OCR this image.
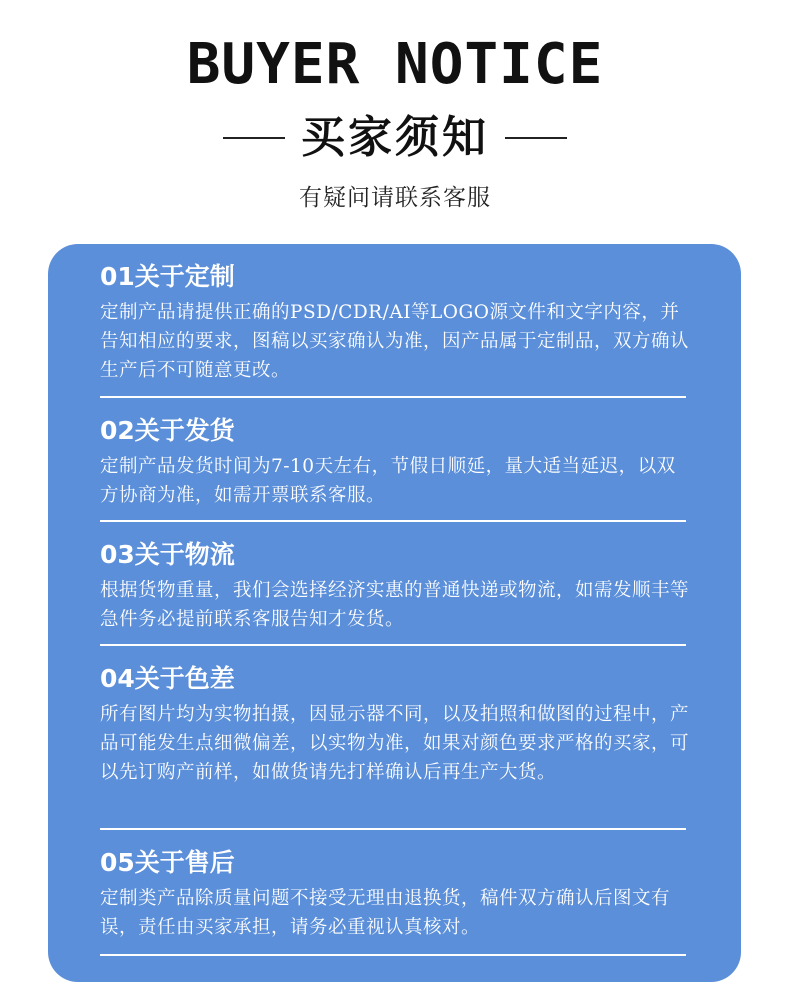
BUYER NOTICE
买家须知
有疑问请联系客服
01关于定制
定制产品请提供正确的PSD/CDR/AI等LOGO源文件和文字内容，并告知相应的要求，图稿以买家确认为准，因产品属于定制品，双方确认生产后不可随意更改。
02关于发货
定制产品发货时间为7-10天左右，节假日顺延，量大适当延迟，以双方协商为准，如需开票联系客服。
03关于物流
根据货物重量，我们会选择经济实惠的普通快递或物流，如需发顺丰等急件务必提前联系客服告知才发货。
04关于色差
所有图片均为实物拍摄，因显示器不同，以及拍照和做图的过程中，产品可能发生点细微偏差，以实物为准，如果对颜色要求严格的买家，可以先订购产前样，如做货请先打样确认后再生产大货。
05关于售后
定制类产品除质量问题不接受无理由退换货，稿件双方确认后图文有误，责任由买家承担，请务必重视认真核对。
